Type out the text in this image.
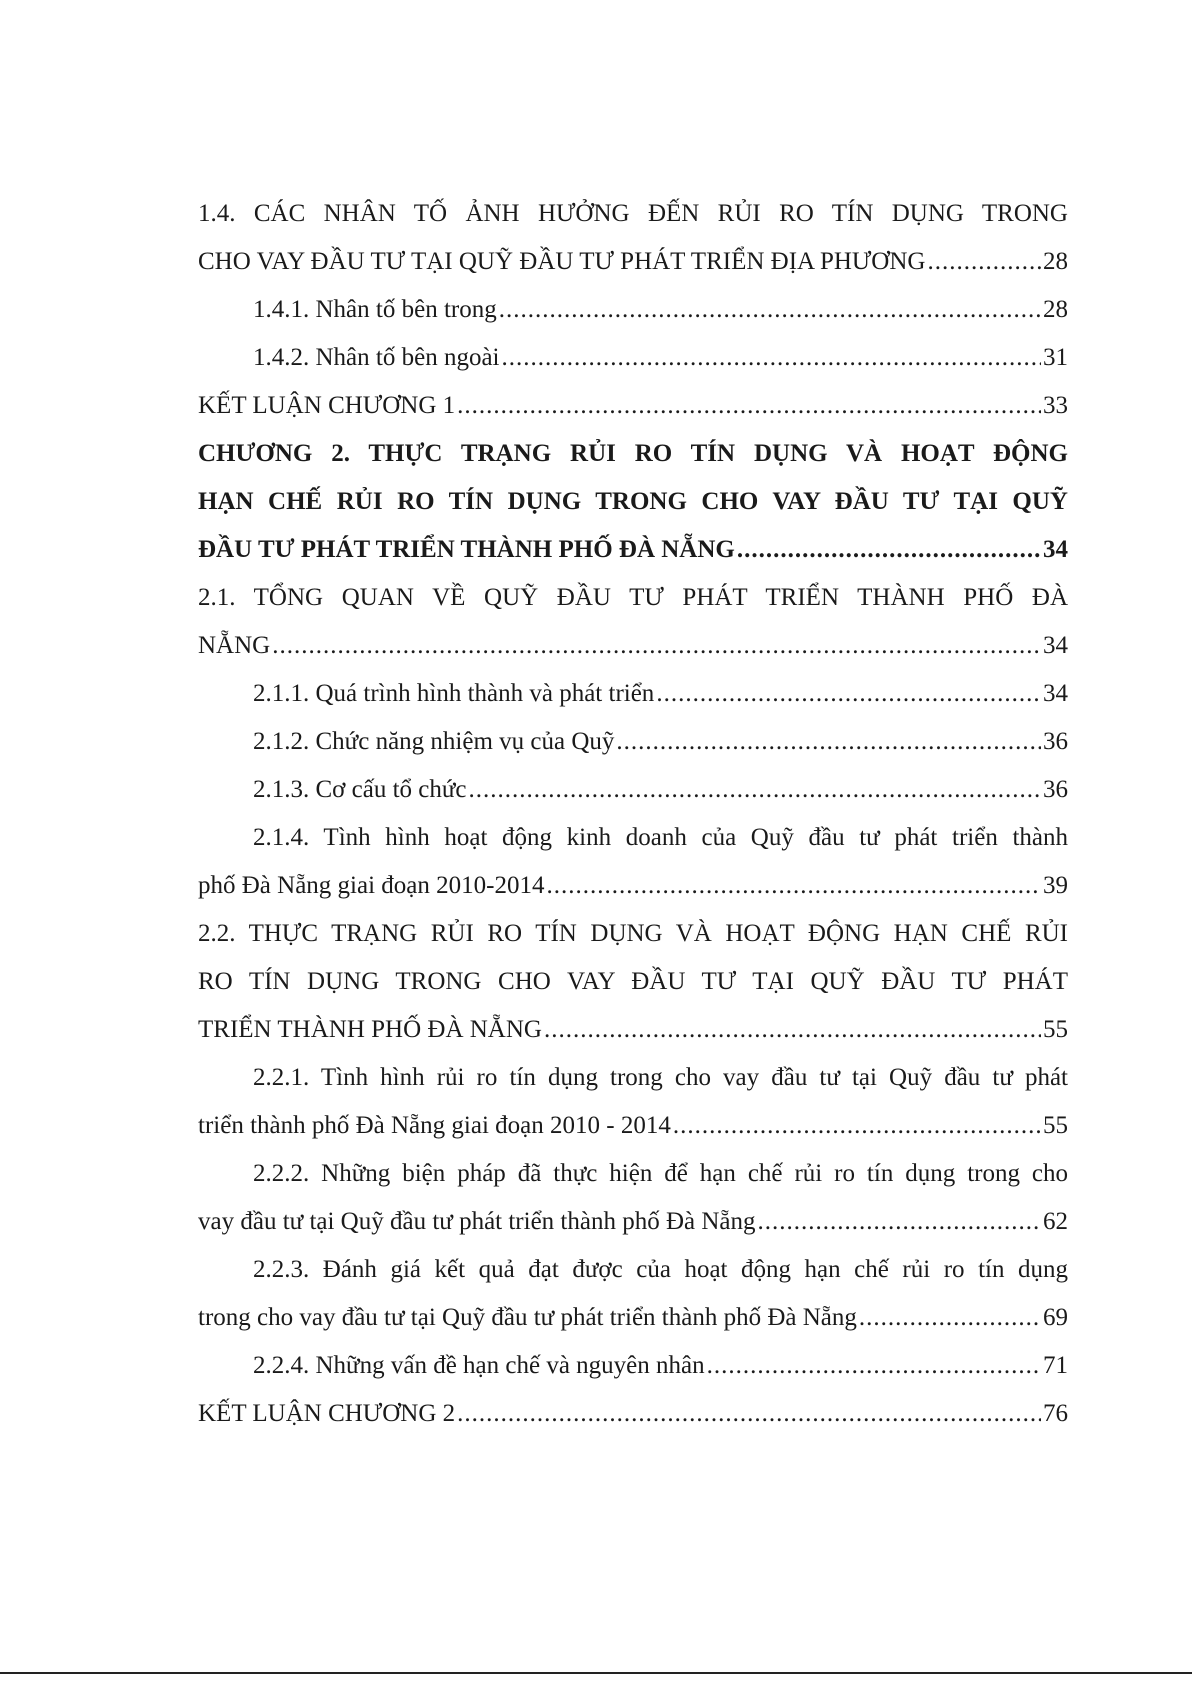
1.4. CÁC NHÂN TỐ ẢNH HƯỞNG ĐẾN RỦI RO TÍN DỤNG TRONG
CHO VAY ĐẦU TƯ TẠI QUỸ ĐẦU TƯ PHÁT TRIỂN ĐỊA PHƯƠNG .....	28
1.4.1. Nhân tố bên trong .....	28
1.4.2. Nhân tố bên ngoài .....	31
KẾT LUẬN CHƯƠNG 1 .....	33
CHƯƠNG 2. THỰC TRẠNG RỦI RO TÍN DỤNG VÀ HOẠT ĐỘNG
HẠN CHẾ RỦI RO TÍN DỤNG TRONG CHO VAY ĐẦU TƯ TẠI QUỸ
ĐẦU TƯ PHÁT TRIỂN THÀNH PHỐ ĐÀ NẴNG .....	34
2.1. TỔNG QUAN VỀ QUỸ ĐẦU TƯ PHÁT TRIỂN THÀNH PHỐ ĐÀ
NẴNG .....	34
2.1.1. Quá trình hình thành và phát triển .....	34
2.1.2. Chức năng nhiệm vụ của Quỹ .....	36
2.1.3. Cơ cấu tổ chức .....	36
2.1.4. Tình hình hoạt động kinh doanh của Quỹ đầu tư phát triển thành
phố Đà Nẵng giai đoạn 2010-2014 .....	39
2.2. THỰC TRẠNG RỦI RO TÍN DỤNG VÀ HOẠT ĐỘNG HẠN CHẾ RỦI
RO TÍN DỤNG TRONG CHO VAY ĐẦU TƯ TẠI QUỸ ĐẦU TƯ PHÁT
TRIỂN THÀNH PHỐ ĐÀ NẴNG .....	55
2.2.1. Tình hình rủi ro tín dụng trong cho vay đầu tư tại Quỹ đầu tư phát
triển thành phố Đà Nẵng giai đoạn 2010 - 2014 .....	55
2.2.2. Những biện pháp đã thực hiện để hạn chế rủi ro tín dụng trong cho
vay đầu tư tại Quỹ đầu tư phát triển thành phố Đà Nẵng .....	62
2.2.3. Đánh giá kết quả đạt được của hoạt động hạn chế rủi ro tín dụng
trong cho vay đầu tư tại Quỹ đầu tư phát triển thành phố Đà Nẵng .....	69
2.2.4. Những vấn đề hạn chế và nguyên nhân .....	71
KẾT LUẬN CHƯƠNG 2 .....	76
